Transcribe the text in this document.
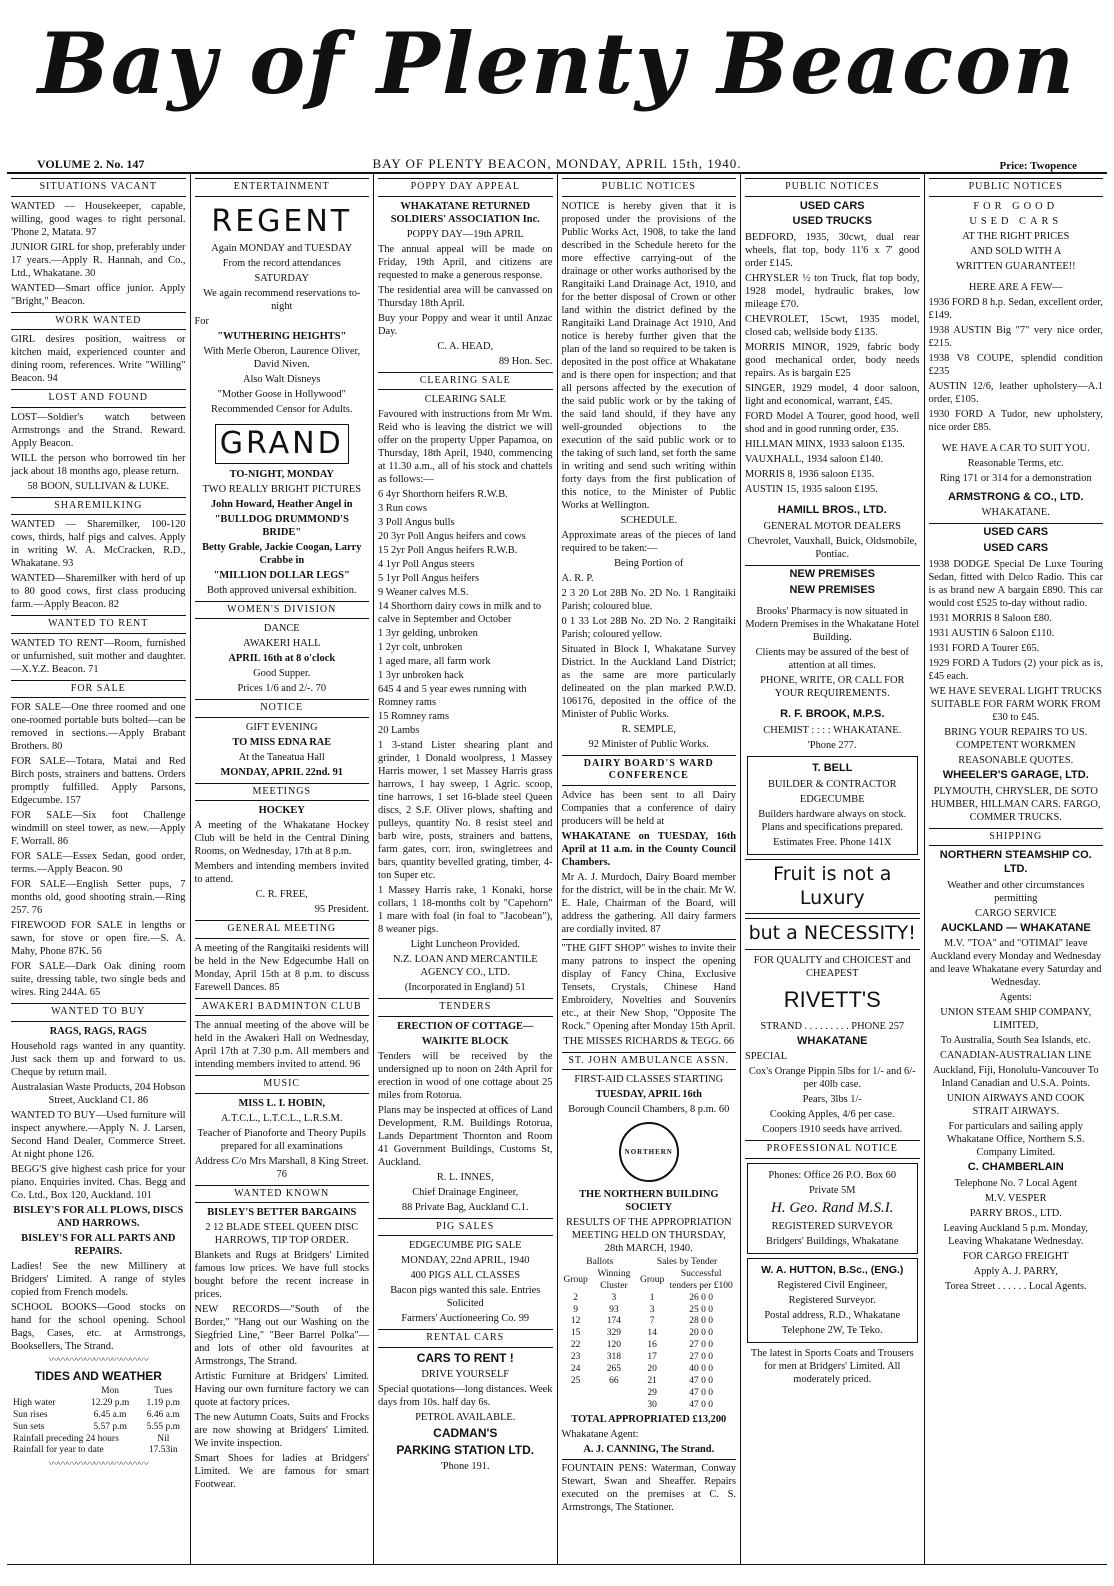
Bay of Plenty Beacon
VOLUME 2. No. 147	BAY OF PLENTY BEACON, MONDAY, APRIL 15th, 1940.	Price: Twopence
SITUATIONS VACANT

WANTED — Housekeeper, capable, willing, good wages to right personal. 'Phone 2, Matata. 97

JUNIOR GIRL for shop, preferably under 17 years.—Apply R. Hannah, and Co., Ltd., Whakatane. 30

WANTED—Smart office junior. Apply "Bright," Beacon.

WORK WANTED

GIRL desires position, waitress or kitchen maid, experienced counter and dining room, references. Write "Willing" Beacon. 94

LOST AND FOUND

LOST—Soldier's watch between Armstrongs and the Strand. Reward. Apply Beacon.

WILL the person who borrowed tin her jack about 18 months ago, please return.

58 BOON, SULLIVAN & LUKE.

SHAREMILKING

WANTED — Sharemilker, 100-120 cows, thirds, half pigs and calves. Apply in writing W. A. McCracken, R.D., Whakatane. 93

WANTED—Sharemilker with herd of up to 80 good cows, first class producing farm.—Apply Beacon. 82

WANTED TO RENT

WANTED TO RENT—Room, furnished or unfurnished, suit mother and daughter.—X.Y.Z. Beacon. 71

FOR SALE

FOR SALE—One three roomed and one one-roomed portable buts bolted—can be removed in sections.—Apply Brabant Brothers. 80

FOR SALE—Totara, Matai and Red Birch posts, strainers and battens. Orders promptly fulfilled. Apply Parsons, Edgecumbe. 157

FOR SALE—Six foot Challenge windmill on steel tower, as new.—Apply F. Worrall. 86

FOR SALE—Essex Sedan, good order, terms.—Apply Beacon. 90

FOR SALE—English Setter pups, 7 months old, good shooting strain.—Ring 257. 76

FIREWOOD FOR SALE in lengths or sawn, for stove or open fire.—S. A. Mahy, Phone 87K. 56

FOR SALE—Dark Oak dining room suite, dressing table, two single beds and wires. Ring 244A. 65

WANTED TO BUY

RAGS, RAGS, RAGS

Household rags wanted in any quantity. Just sack them up and forward to us. Cheque by return mail.

Australasian Waste Products, 204 Hobson Street, Auckland C1. 86

WANTED TO BUY—Used furniture will inspect anywhere.—Apply N. J. Larsen, Second Hand Dealer, Commerce Street. At night phone 126.

BEGG'S give highest cash price for your piano. Enquiries invited. Chas. Begg and Co. Ltd., Box 120, Auckland. 101

BISLEY'S FOR ALL PLOWS, DISCS AND HARROWS.

BISLEY'S FOR ALL PARTS AND REPAIRS.

Ladies! See the new Millinery at Bridgers' Limited. A range of styles copied from French models.

SCHOOL BOOKS—Good stocks on hand for the school opening. School Bags, Cases, etc. at Armstrongs, Booksellers, The Strand.

〰〰〰〰〰〰〰〰〰〰〰

TIDES AND WEATHER

	Mon	Tues
High water	12.29 p.m	1.19 p.m
Sun rises	6.45 a.m	6.46 a.m
Sun sets	5.57 p.m	5.55 p.m
Rainfall preceding 24 hours		Nil
Rainfall for year to date		17.53in
〰〰〰〰〰〰〰〰〰〰〰
ENTERTAINMENT
REGENT

Again MONDAY and TUESDAY

From the record attendances

SATURDAY

We again recommend reservations to-night

For

"WUTHERING HEIGHTS"

With Merle Oberon, Laurence Oliver, David Niven.

Also Walt Disneys

"Mother Goose in Hollywood"

Recommended Censor for Adults.

GRAND

TO-NIGHT, MONDAY

TWO REALLY BRIGHT PICTURES

John Howard, Heather Angel in

"BULLDOG DRUMMOND'S BRIDE"

Betty Grable, Jackie Coogan, Larry Crabbe in

"MILLION DOLLAR LEGS"

Both approved universal exhibition.

WOMEN'S DIVISION

DANCE

AWAKERI HALL

APRIL 16th at 8 o'clock

Good Supper.

Prices 1/6 and 2/-. 70

NOTICE

GIFT EVENING

TO MISS EDNA RAE

At the Taneatua Hall

MONDAY, APRIL 22nd. 91

MEETINGS

HOCKEY

A meeting of the Whakatane Hockey Club will be held in the Central Dining Rooms, on Wednesday, 17th at 8 p.m.

Members and intending members invited to attend.

C. R. FREE,

95 President.

GENERAL MEETING

A meeting of the Rangitaiki residents will be held in the New Edgecumbe Hall on Monday, April 15th at 8 p.m. to discuss Farewell Dances. 85

AWAKERI BADMINTON CLUB

The annual meeting of the above will be held in the Awakeri Hall on Wednesday, April 17th at 7.30 p.m. All members and intending members invited to attend. 96

MUSIC

MISS L. I. HOBIN,

A.T.C.L., L.T.C.L., L.R.S.M.

Teacher of Pianoforte and Theory Pupils prepared for all examinations

Address C/o Mrs Marshall, 8 King Street. 76

WANTED KNOWN

BISLEY'S BETTER BARGAINS

2 12 BLADE STEEL QUEEN DISC HARROWS, TIP TOP ORDER.

Blankets and Rugs at Bridgers' Limited famous low prices. We have full stocks bought before the recent increase in prices.

NEW RECORDS—"South of the Border," "Hang out our Washing on the Siegfried Line," "Beer Barrel Polka"—and lots of other old favourites at Armstrongs, The Strand.

Artistic Furniture at Bridgers' Limited. Having our own furniture factory we can quote at factory prices.

The new Autumn Coats, Suits and Frocks are now showing at Bridgers' Limited. We invite inspection.

Smart Shoes for ladies at Bridgers' Limited. We are famous for smart Footwear.

POPPY DAY APPEAL

WHAKATANE RETURNED SOLDIERS' ASSOCIATION Inc.

POPPY DAY—19th APRIL

The annual appeal will be made on Friday, 19th April, and citizens are requested to make a generous response.

The residential area will be canvassed on Thursday 18th April.

Buy your Poppy and wear it until Anzac Day.

C. A. HEAD,

89 Hon. Sec.

CLEARING SALE

CLEARING SALE

Favoured with instructions from Mr Wm. Reid who is leaving the district we will offer on the property Upper Papamoa, on Thursday, 18th April, 1940, commencing at 11.30 a.m., all of his stock and chattels as follows:—

6 4yr Shorthorn heifers R.W.B.
3 Run cows
3 Poll Angus bulls
20 3yr Poll Angus heifers and cows
15 2yr Poll Angus heifers R.W.B.
4 1yr Poll Angus steers
5 1yr Poll Angus heifers
9 Weaner calves M.S.
14 Shorthorn dairy cows in milk and to calve in September and October
1 3yr gelding, unbroken
1 2yr colt, unbroken
1 aged mare, all farm work
1 3yr unbroken hack
645 4 and 5 year ewes running with Romney rams
15 Romney rams
20 Lambs

1 3-stand Lister shearing plant and grinder, 1 Donald woolpress, 1 Massey Harris mower, 1 set Massey Harris grass harrows, 1 hay sweep, 1 Agric. scoop, tine harrows, 1 set 16-blade steel Queen discs, 2 S.F. Oliver plows, shafting and pulleys, quantity No. 8 resist steel and barb wire, posts, strainers and battens, farm gates, corr. iron, swingletrees and bars, quantity bevelled grating, timber, 4-ton Super etc.

1 Massey Harris rake, 1 Konaki, horse collars, 1 18-months colt by "Capehorn" 1 mare with foal (in foal to "Jacobean"), 8 weaner pigs.

Light Luncheon Provided.

N.Z. LOAN AND MERCANTILE AGENCY CO., LTD.

(Incorporated in England) 51

TENDERS

ERECTION OF COTTAGE—

WAIKITE BLOCK

Tenders will be received by the undersigned up to noon on 24th April for erection in wood of one cottage about 25 miles from Rotorua.

Plans may be inspected at offices of Land Development, R.M. Buildings Rotorua, Lands Department Thornton and Room 41 Government Buildings, Customs St, Auckland.

R. L. INNES,

Chief Drainage Engineer,

88 Private Bag, Auckland C.1.

PIG SALES

EDGECUMBE PIG SALE

MONDAY, 22nd APRIL, 1940

400 PIGS ALL CLASSES

Bacon pigs wanted this sale. Entries Solicited

Farmers' Auctioneering Co. 99

RENTAL CARS

CARS TO RENT !

DRIVE YOURSELF

Special quotations—long distances. Week days from 10s. half day 6s.

PETROL AVAILABLE.

CADMAN'S

PARKING STATION LTD.

'Phone 191.

PUBLIC NOTICES

NOTICE is hereby given that it is proposed under the provisions of the Public Works Act, 1908, to take the land described in the Schedule hereto for the more effective carrying-out of the drainage or other works authorised by the Rangitaiki Land Drainage Act, 1910, and for the better disposal of Crown or other land within the district defined by the Rangitaiki Land Drainage Act 1910, And notice is hereby further given that the plan of the land so required to be taken is deposited in the post office at Whakatane and is there open for inspection; and that all persons affected by the execution of the said public work or by the taking of the said land should, if they have any well-grounded objections to the execution of the said public work or to the taking of such land, set forth the same in writing and send such writing within forty days from the first publication of this notice, to the Minister of Public Works at Wellington.

SCHEDULE.

Approximate areas of the pieces of land required to be taken:—

Being Portion of

A. R. P.

2 3 20 Lot 28B No. 2D No. 1 Rangitaiki Parish; coloured blue.

0 1 33 Lot 28B No. 2D No. 2 Rangitaiki Parish; coloured yellow.

Situated in Block I, Whakatane Survey District. In the Auckland Land District; as the same are more particularly delineated on the plan marked P.W.D. 106176, deposited in the office of the Minister of Public Works.

R. SEMPLE,

92 Minister of Public Works.

DAIRY BOARD'S WARD CONFERENCE

Advice has been sent to all Dairy Companies that a conference of dairy producers will be held at

WHAKATANE on TUESDAY, 16th April at 11 a.m. in the County Council Chambers.

Mr A. J. Murdoch, Dairy Board member for the district, will be in the chair. Mr W. E. Hale, Chairman of the Board, will address the gathering. All dairy farmers are cordially invited. 87

"THE GIFT SHOP" wishes to invite their many patrons to inspect the opening display of Fancy China, Exclusive Tensets, Crystals, Chinese Hand Embroidery, Novelties and Souvenirs etc., at their New Shop, "Opposite The Rock." Opening after Monday 15th April.

THE MISSES RICHARDS & TEGG. 66

ST. JOHN AMBULANCE ASSN.

FIRST-AID CLASSES STARTING

TUESDAY, APRIL 16th

Borough Council Chambers, 8 p.m. 60

NORTHERN

THE NORTHERN BUILDING SOCIETY

RESULTS OF THE APPROPRIATION MEETING HELD ON THURSDAY, 28th MARCH, 1940.

Ballots		Sales by Tender	
Group	Winning Cluster	Group	Successful tenders per £100
2	3	1	26 0 0
9	93	3	25 0 0
12	174	7	28 0 0
15	329	14	20 0 0
22	120	16	27 0 0
23	318	17	27 0 0
24	265	20	40 0 0
25	66	21	47 0 0
		29	47 0 0
		30	47 0 0

TOTAL APPROPRIATED £13,200

Whakatane Agent:

A. J. CANNING, The Strand.

FOUNTAIN PENS: Waterman, Conway Stewart, Swan and Sheaffer. Repairs executed on the premises at C. S. Armstrongs, The Stationer.

PUBLIC NOTICES

USED CARS

USED TRUCKS

BEDFORD, 1935, 30cwt, dual rear wheels, flat top, body 11'6 x 7' good order £145.

CHRYSLER ½ ton Truck, flat top body, 1928 model, hydraulic brakes, low mileage £70.

CHEVROLET, 15cwt, 1935 model, closed cab, wellside body £135.

MORRIS MINOR, 1929, fabric body good mechanical order, body needs repairs. As is bargain £25

SINGER, 1929 model, 4 door saloon, light and economical, warrant, £45.

FORD Model A Tourer, good hood, well shod and in good running order, £35.

HILLMAN MINX, 1933 saloon £135.

VAUXHALL, 1934 saloon £140.

MORRIS 8, 1936 saloon £135.

AUSTIN 15, 1935 saloon £195.

HAMILL BROS., LTD.

GENERAL MOTOR DEALERS

Chevrolet, Vauxhall, Buick, Oldsmobile, Pontiac.

NEW PREMISES

NEW PREMISES

Brooks' Pharmacy is now situated in Modern Premises in the Whakatane Hotel Building.

Clients may be assured of the best of attention at all times.

PHONE, WRITE, OR CALL FOR YOUR REQUIREMENTS.

R. F. BROOK, M.P.S.

CHEMIST : : : : WHAKATANE.

'Phone 277.

T. BELL

BUILDER & CONTRACTOR

EDGECUMBE

Builders hardware always on stock. Plans and specifications prepared.

Estimates Free. Phone 141X

Fruit is not a Luxury
but a NECESSITY!

FOR QUALITY and CHOICEST and CHEAPEST

RIVETT'S

STRAND . . . . . . . . . PHONE 257

WHAKATANE

SPECIAL

Cox's Orange Pippin 5lbs for 1/- and 6/- per 40lb case.

Pears, 3lbs 1/-

Cooking Apples, 4/6 per case.

Coopers 1910 seeds have arrived.

PROFESSIONAL NOTICE

Phones: Office 26 P.O. Box 60

Private 5M

H. Geo. Rand M.S.I.

REGISTERED SURVEYOR

Bridgers' Buildings, Whakatane

W. A. HUTTON, B.Sc., (ENG.)

Registered Civil Engineer,

Registered Surveyor.

Postal address, R.D., Whakatane

Telephone 2W, Te Teko.

The latest in Sports Coats and Trousers for men at Bridgers' Limited. All moderately priced.

PUBLIC NOTICES

FOR GOOD

USED CARS

AT THE RIGHT PRICES

AND SOLD WITH A

WRITTEN GUARANTEE!!

HERE ARE A FEW—

1936 FORD 8 h.p. Sedan, excellent order, £149.

1938 AUSTIN Big "7" very nice order, £215.

1938 V8 COUPE, splendid condition £235

AUSTIN 12/6, leather upholstery—A.1 order, £105.

1930 FORD A Tudor, new upholstery, nice order £85.

WE HAVE A CAR TO SUIT YOU.

Reasonable Terms, etc.

Ring 171 or 314 for a demonstration

ARMSTRONG & CO., LTD.

WHAKATANE.

USED CARS

USED CARS

1938 DODGE Special De Luxe Touring Sedan, fitted with Delco Radio. This car is as brand new A bargain £890. This car would cost £525 to-day without radio.

1931 MORRIS 8 Saloon £80.

1931 AUSTIN 6 Saloon £110.

1931 FORD A Tourer £65.

1929 FORD A Tudors (2) your pick as is, £45 each.

WE HAVE SEVERAL LIGHT TRUCKS SUITABLE FOR FARM WORK FROM £30 to £45.

BRING YOUR REPAIRS TO US. COMPETENT WORKMEN

REASONABLE QUOTES.

WHEELER'S GARAGE, LTD.

PLYMOUTH, CHRYSLER, DE SOTO HUMBER, HILLMAN CARS. FARGO, COMMER TRUCKS.

SHIPPING

NORTHERN STEAMSHIP CO. LTD.

Weather and other circumstances permitting

CARGO SERVICE

AUCKLAND — WHAKATANE

M.V. "TOA" and "OTIMAI" leave Auckland every Monday and Wednesday and leave Whakatane every Saturday and Wednesday.

Agents:

UNION STEAM SHIP COMPANY, LIMITED,

To Australia, South Sea Islands, etc.

CANADIAN-AUSTRALIAN LINE

Auckland, Fiji, Honolulu-Vancouver To Inland Canadian and U.S.A. Points.

UNION AIRWAYS AND COOK STRAIT AIRWAYS.

For particulars and sailing apply Whakatane Office, Northern S.S. Company Limited.

C. CHAMBERLAIN

Telephone No. 7 Local Agent

M.V. VESPER

PARRY BROS., LTD.

Leaving Auckland 5 p.m. Monday, Leaving Whakatane Wednesday.

FOR CARGO FREIGHT

Apply A. J. PARRY,

Torea Street . . . . . . Local Agents.
